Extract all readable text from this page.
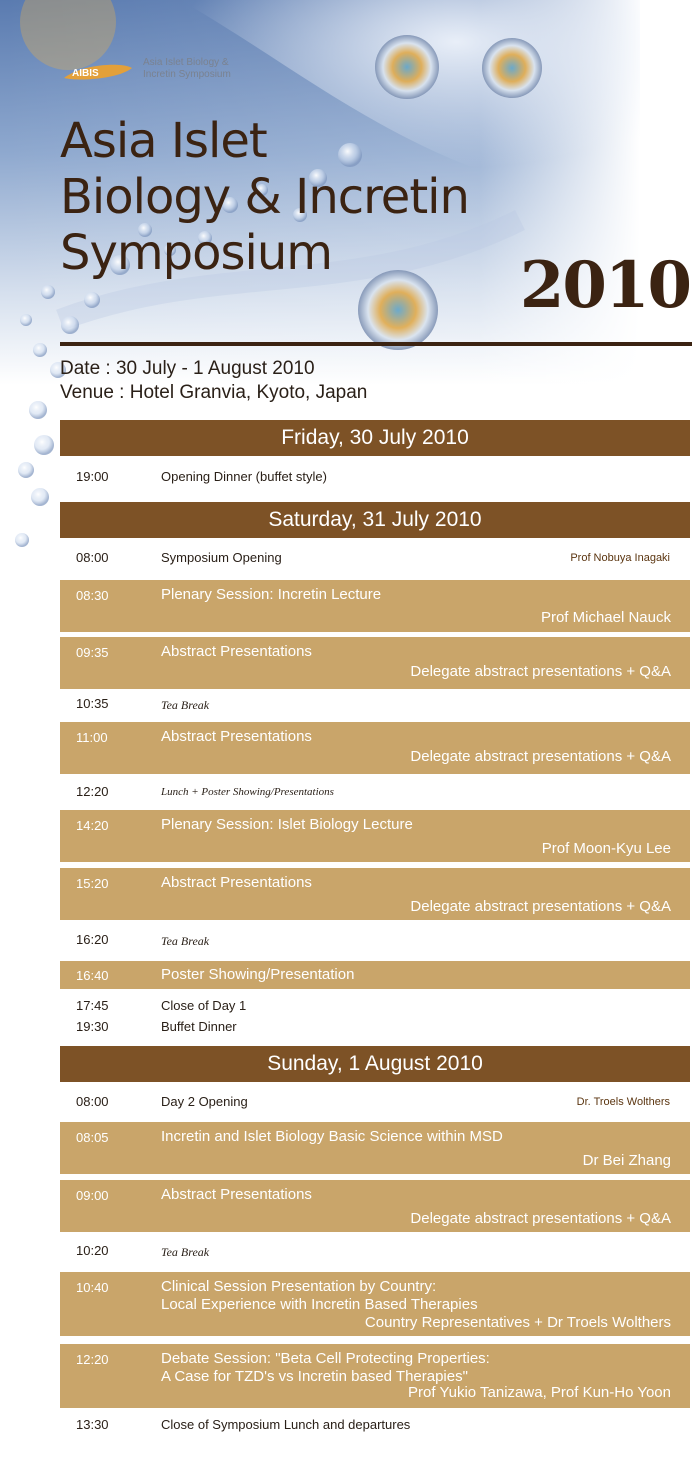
AIBIS
Asia Islet Biology &
Incretin Symposium
Asia Islet
Biology & Incretin
Symposium	2010
Date : 30 July - 1 August 2010
Venue : Hotel Granvia, Kyoto, Japan
Friday, 30 July 2010
19:00	Opening Dinner (buffet style)
Saturday, 31 July 2010
08:00	Symposium Opening	Prof Nobuya Inagaki
08:30	Plenary Session: Incretin Lecture
Prof Michael Nauck
09:35	Abstract Presentations
Delegate abstract presentations + Q&A
10:35	Tea Break
11:00	Abstract Presentations
Delegate abstract presentations + Q&A
12:20	Lunch + Poster Showing/Presentations
14:20	Plenary Session: Islet Biology Lecture
Prof Moon-Kyu Lee
15:20	Abstract Presentations
Delegate abstract presentations + Q&A
16:20	Tea Break
16:40	Poster Showing/Presentation
17:45	Close of Day 1
19:30	Buffet Dinner
Sunday, 1 August 2010
08:00	Day 2 Opening	Dr. Troels Wolthers
08:05	Incretin and Islet Biology Basic Science within MSD
Dr Bei Zhang
09:00	Abstract Presentations
Delegate abstract presentations + Q&A
10:20	Tea Break
10:40	Clinical Session Presentation by Country:
Local Experience with Incretin Based Therapies
Country Representatives + Dr Troels Wolthers
12:20	Debate Session: "Beta Cell Protecting Properties:
A Case for TZD's vs Incretin based Therapies"
Prof Yukio Tanizawa, Prof Kun-Ho Yoon
13:30	Close of Symposium Lunch and departures
